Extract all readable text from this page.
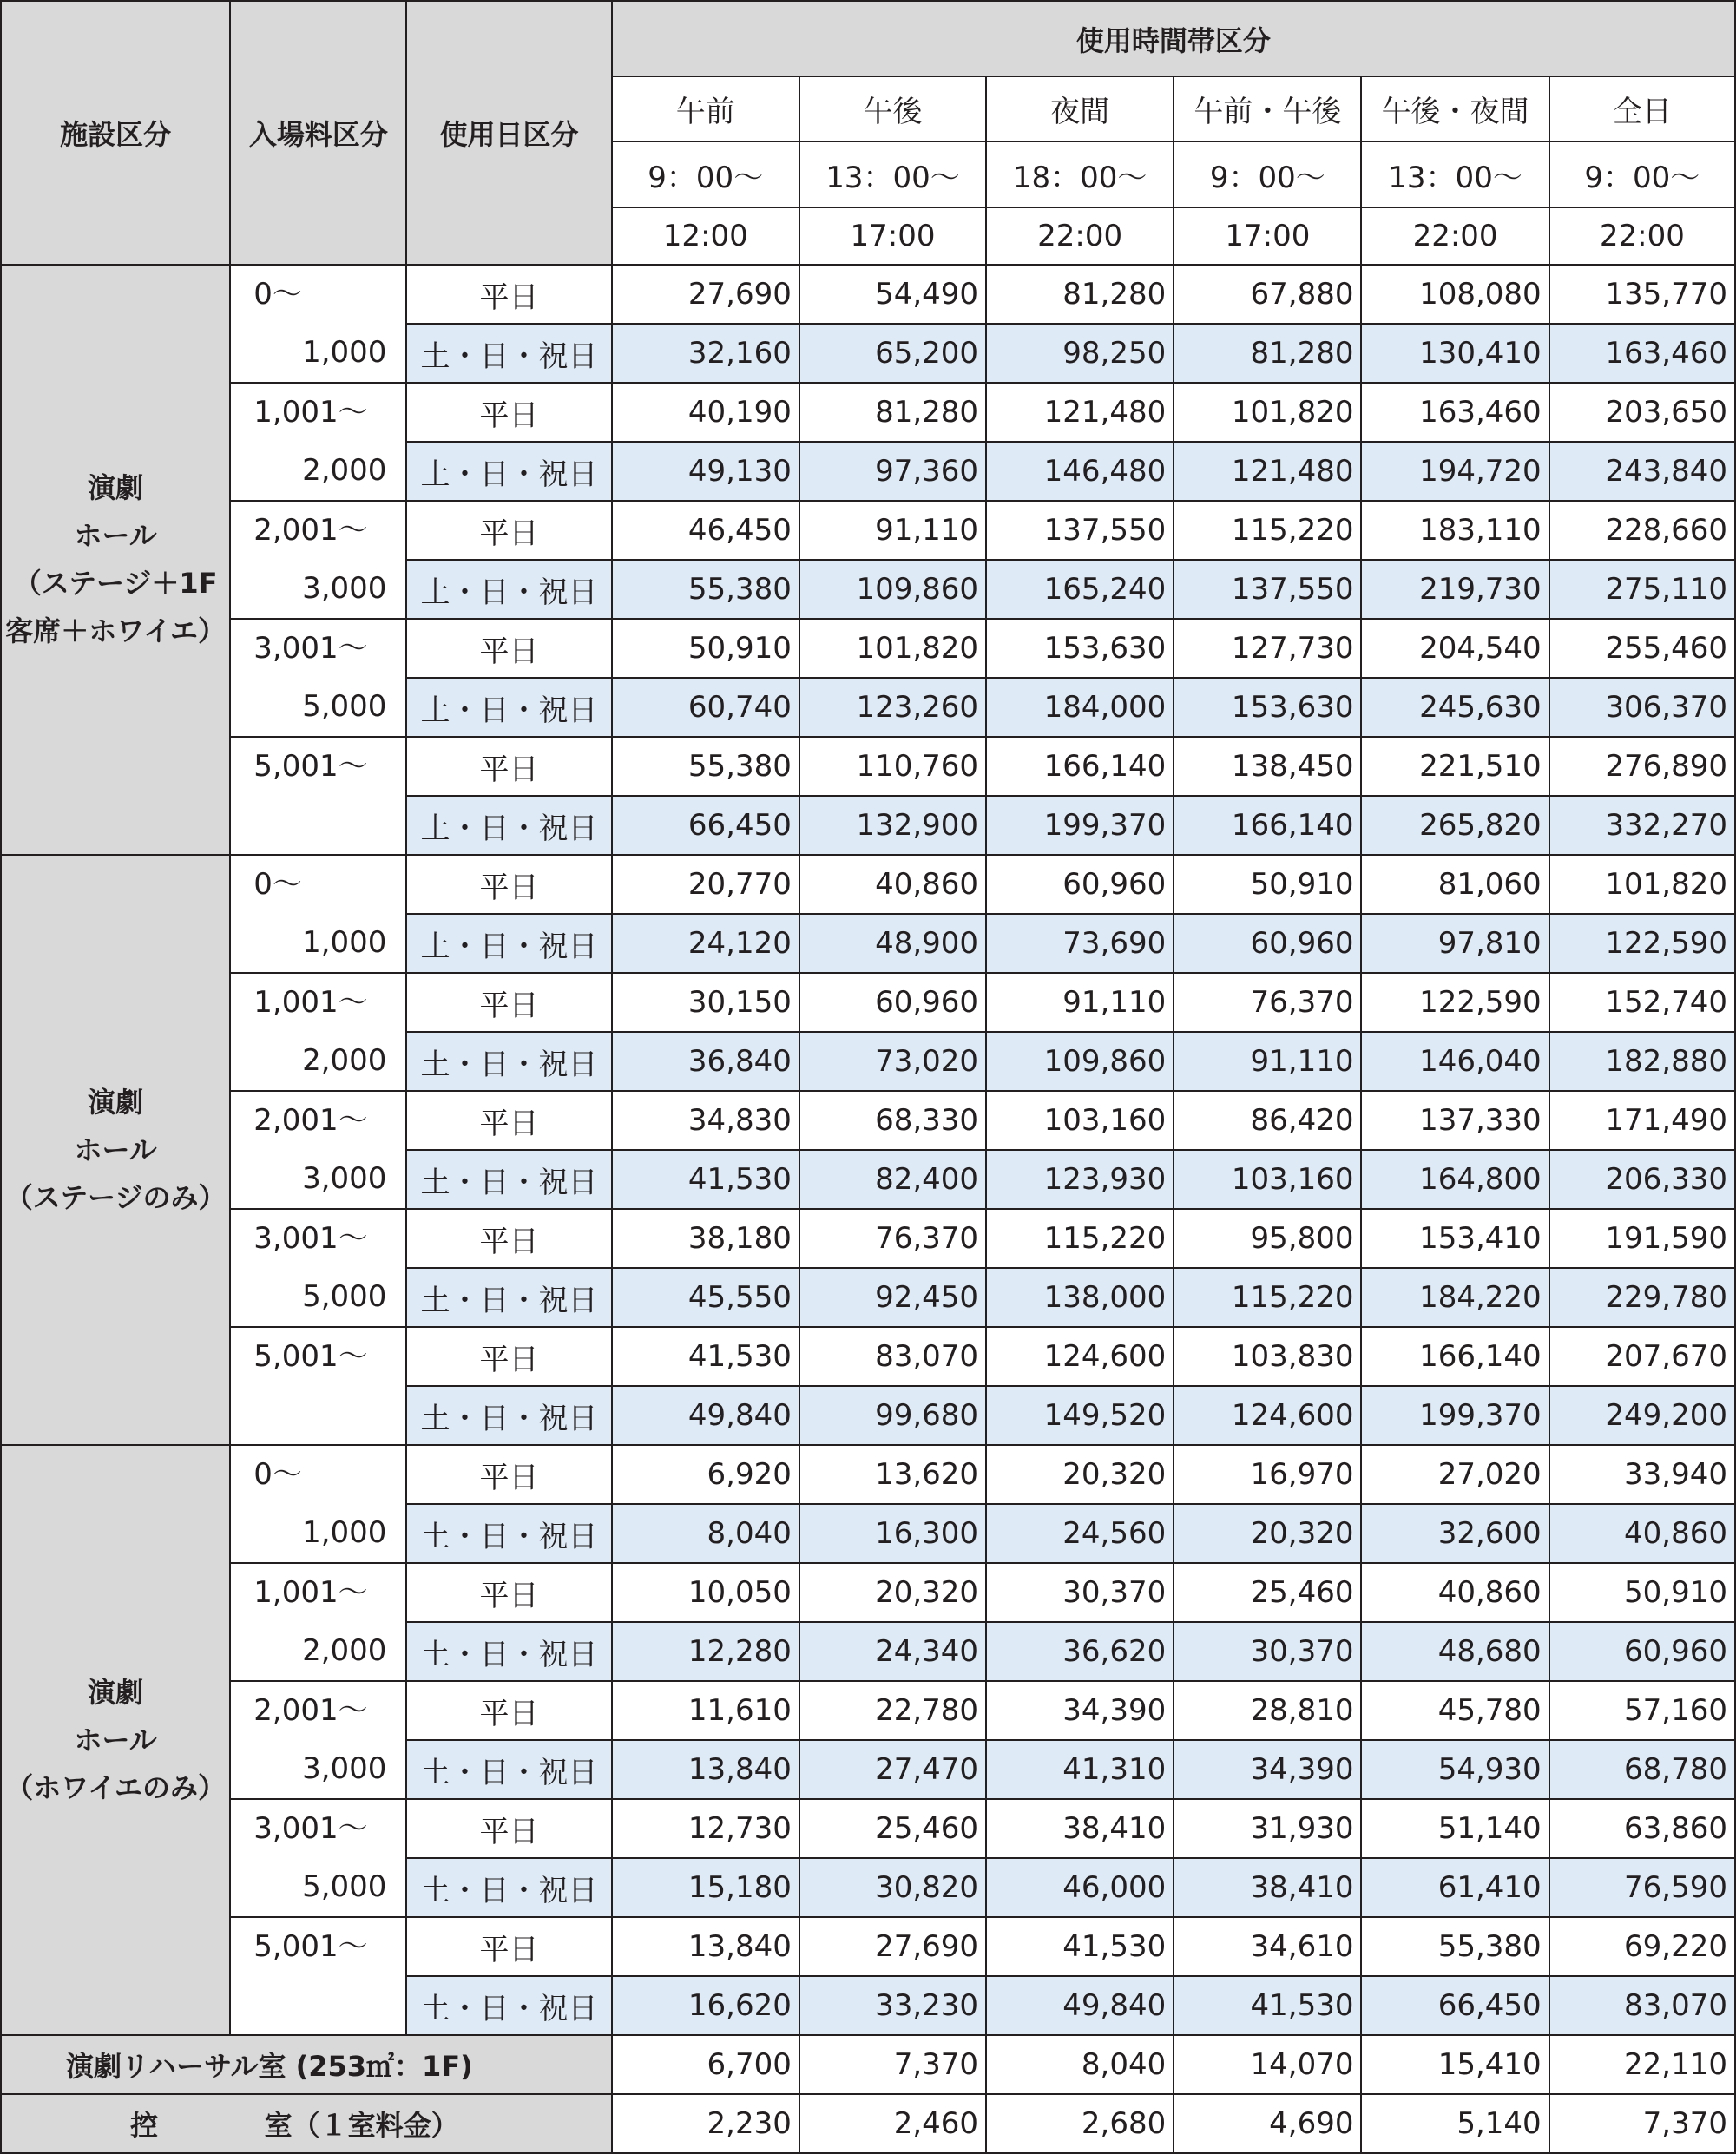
施設区分	入場料区分	使用日区分	使用時間帯区分					
			午前	午後	夜間	午前・午後	午後・夜間	全日
			9：00～	13：00～	18：00～	9：00～	13：00～	9：00～
			12:00	17:00	22:00	17:00	22:00	22:00

演劇
ホール
（ステージ＋1F
客席＋ホワイエ）	0～
1,000	平日	27,690	54,490	81,280	67,880	108,080	135,770
		土・日・祝日	32,160	65,200	98,250	81,280	130,410	163,460

	1,001～
2,000	平日	40,190	81,280	121,480	101,820	163,460	203,650
		土・日・祝日	49,130	97,360	146,480	121,480	194,720	243,840

	2,001～
3,000	平日	46,450	91,110	137,550	115,220	183,110	228,660
		土・日・祝日	55,380	109,860	165,240	137,550	219,730	275,110

	3,001～
5,000	平日	50,910	101,820	153,630	127,730	204,540	255,460
		土・日・祝日	60,740	123,260	184,000	153,630	245,630	306,370

	5,001～	平日	55,380	110,760	166,140	138,450	221,510	276,890
		土・日・祝日	66,450	132,900	199,370	166,140	265,820	332,270

演劇
ホール
（ステージのみ）	0～
1,000	平日	20,770	40,860	60,960	50,910	81,060	101,820
		土・日・祝日	24,120	48,900	73,690	60,960	97,810	122,590

	1,001～
2,000	平日	30,150	60,960	91,110	76,370	122,590	152,740
		土・日・祝日	36,840	73,020	109,860	91,110	146,040	182,880

	2,001～
3,000	平日	34,830	68,330	103,160	86,420	137,330	171,490
		土・日・祝日	41,530	82,400	123,930	103,160	164,800	206,330

	3,001～
5,000	平日	38,180	76,370	115,220	95,800	153,410	191,590
		土・日・祝日	45,550	92,450	138,000	115,220	184,220	229,780

	5,001～	平日	41,530	83,070	124,600	103,830	166,140	207,670
		土・日・祝日	49,840	99,680	149,520	124,600	199,370	249,200

演劇
ホール
（ホワイエのみ）	0～
1,000	平日	6,920	13,620	20,320	16,970	27,020	33,940
		土・日・祝日	8,040	16,300	24,560	20,320	32,600	40,860

	1,001～
2,000	平日	10,050	20,320	30,370	25,460	40,860	50,910
		土・日・祝日	12,280	24,340	36,620	30,370	48,680	60,960

	2,001～
3,000	平日	11,610	22,780	34,390	28,810	45,780	57,160
		土・日・祝日	13,840	27,470	41,310	34,390	54,930	68,780

	3,001～
5,000	平日	12,730	25,460	38,410	31,930	51,140	63,860
		土・日・祝日	15,180	30,820	46,000	38,410	61,410	76,590

	5,001～	平日	13,840	27,690	41,530	34,610	55,380	69,220
		土・日・祝日	16,620	33,230	49,840	41,530	66,450	83,070
演劇リハーサル室 (253㎡：1F)			6,700	7,370	8,040	14,070	15,410	22,110

控 室（１室料金）			2,230	2,460	2,680	4,690	5,140	7,370
